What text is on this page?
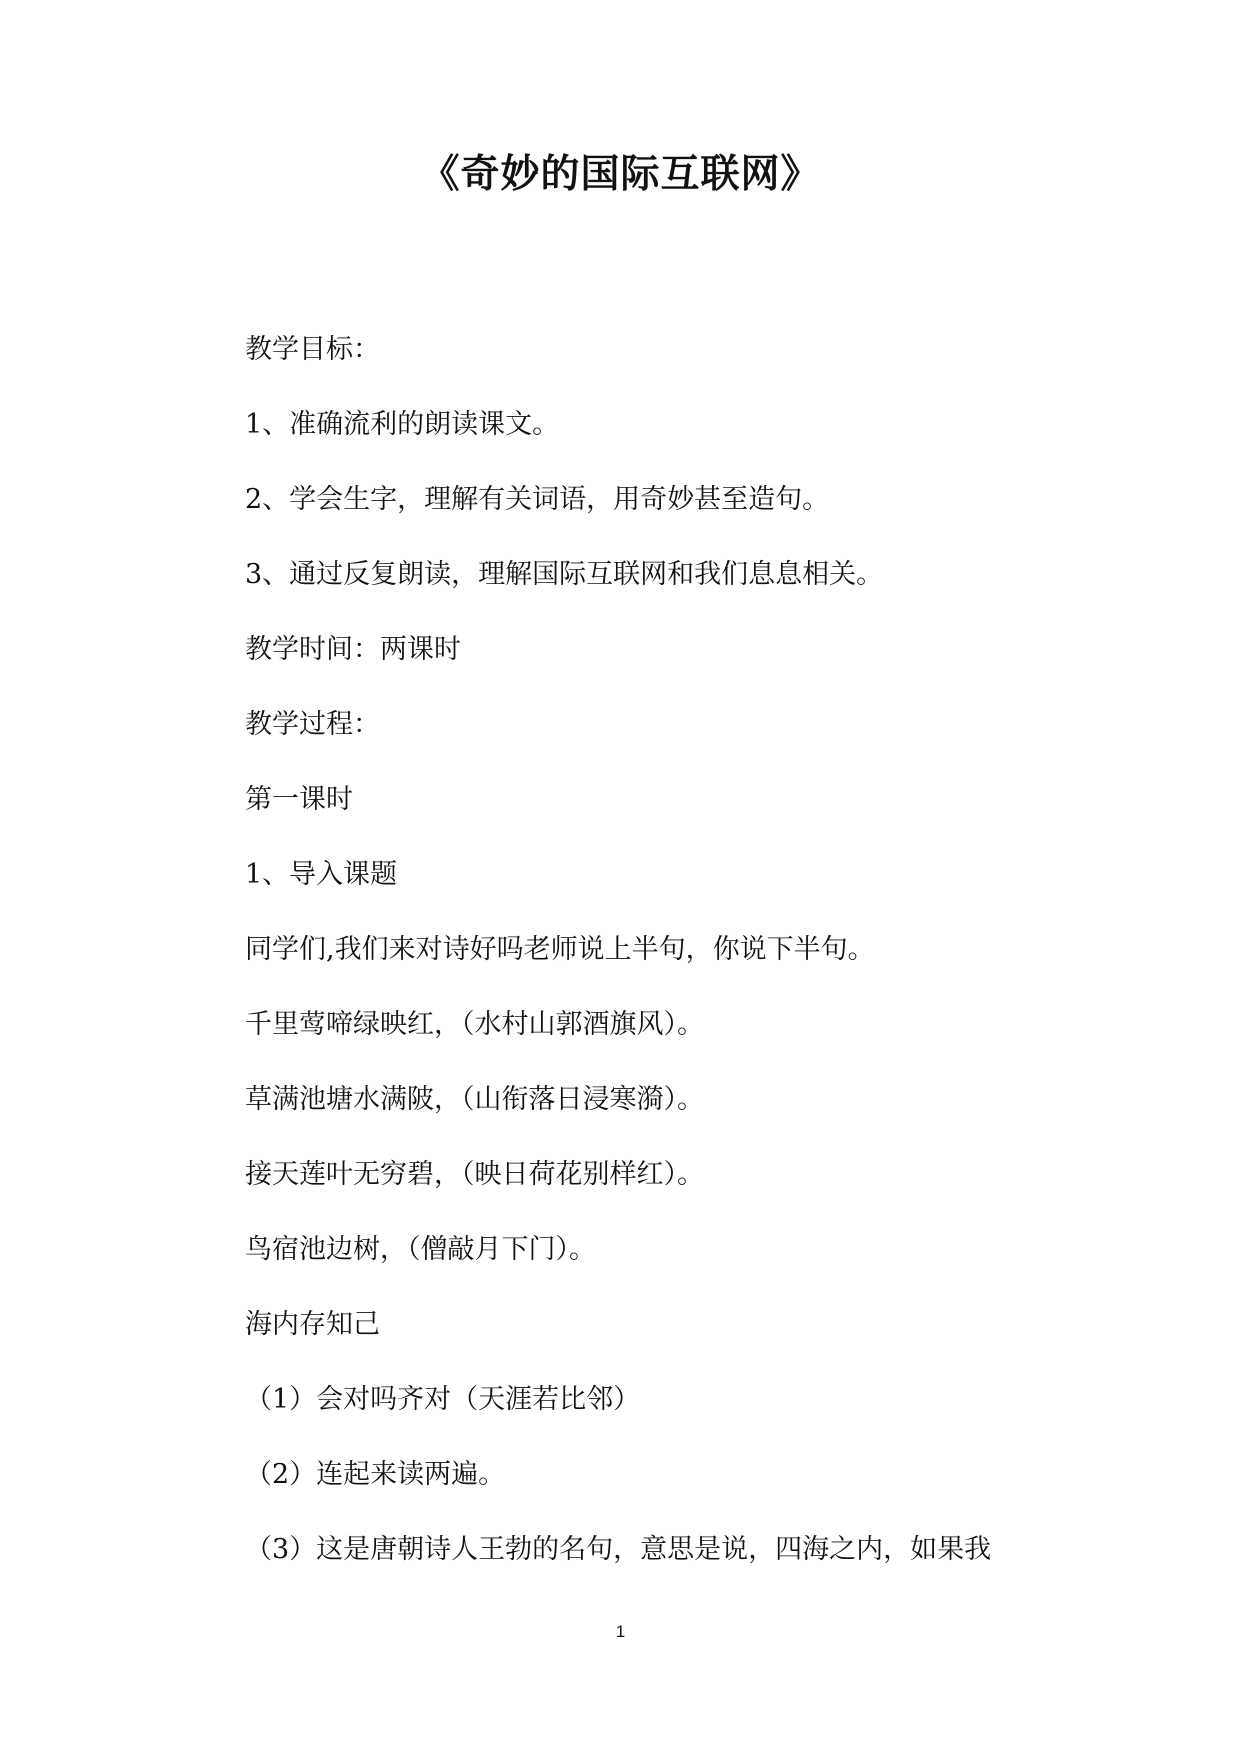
《奇妙的国际互联网》

教学目标：

1、准确流利的朗读课文。

2、学会生字，理解有关词语，用奇妙甚至造句。

3、通过反复朗读，理解国际互联网和我们息息相关。

教学时间：两课时

教学过程：

第一课时

1、导入课题

同学们,我们来对诗好吗老师说上半句，你说下半句。

千里莺啼绿映红，（水村山郭酒旗风）。

草满池塘水满陂，（山衔落日浸寒漪）。

接天莲叶无穷碧，（映日荷花别样红）。

鸟宿池边树，（僧敲月下门）。

海内存知己

（1）会对吗齐对（天涯若比邻）

（2）连起来读两遍。

（3）这是唐朝诗人王勃的名句，意思是说，四海之内，如果我

1
